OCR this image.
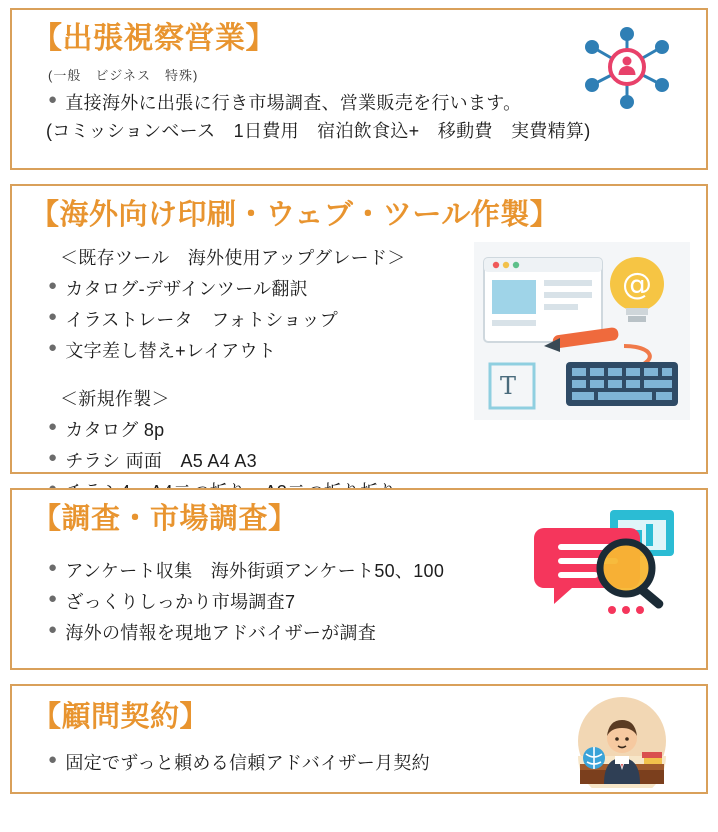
【出張視察営業】
(一般　ビジネス　特殊)
● 直接海外に出張に行き市場調査、営業販売を行います。
(コミッションベース　1日費用　宿泊飲食込+　移動費　実費精算)
【海外向け印刷・ウェブ・ツール作製】
＜既存ツール　海外使用アップグレード＞
● カタログ-デザインツール翻訳
● イラストレータ　フォトショップ
● 文字差し替え+レイアウト
＜新規作製＞
● カタログ 8p
● チラシ 両面　A5 A4 A3
@
T
【調査・市場調査】
● アンケート収集　海外街頭アンケート50、100
● ざっくりしっかり市場調査7
● 海外の情報を現地アドバイザーが調査
【顧問契約】
● 固定でずっと頼める信頼アドバイザー月契約
